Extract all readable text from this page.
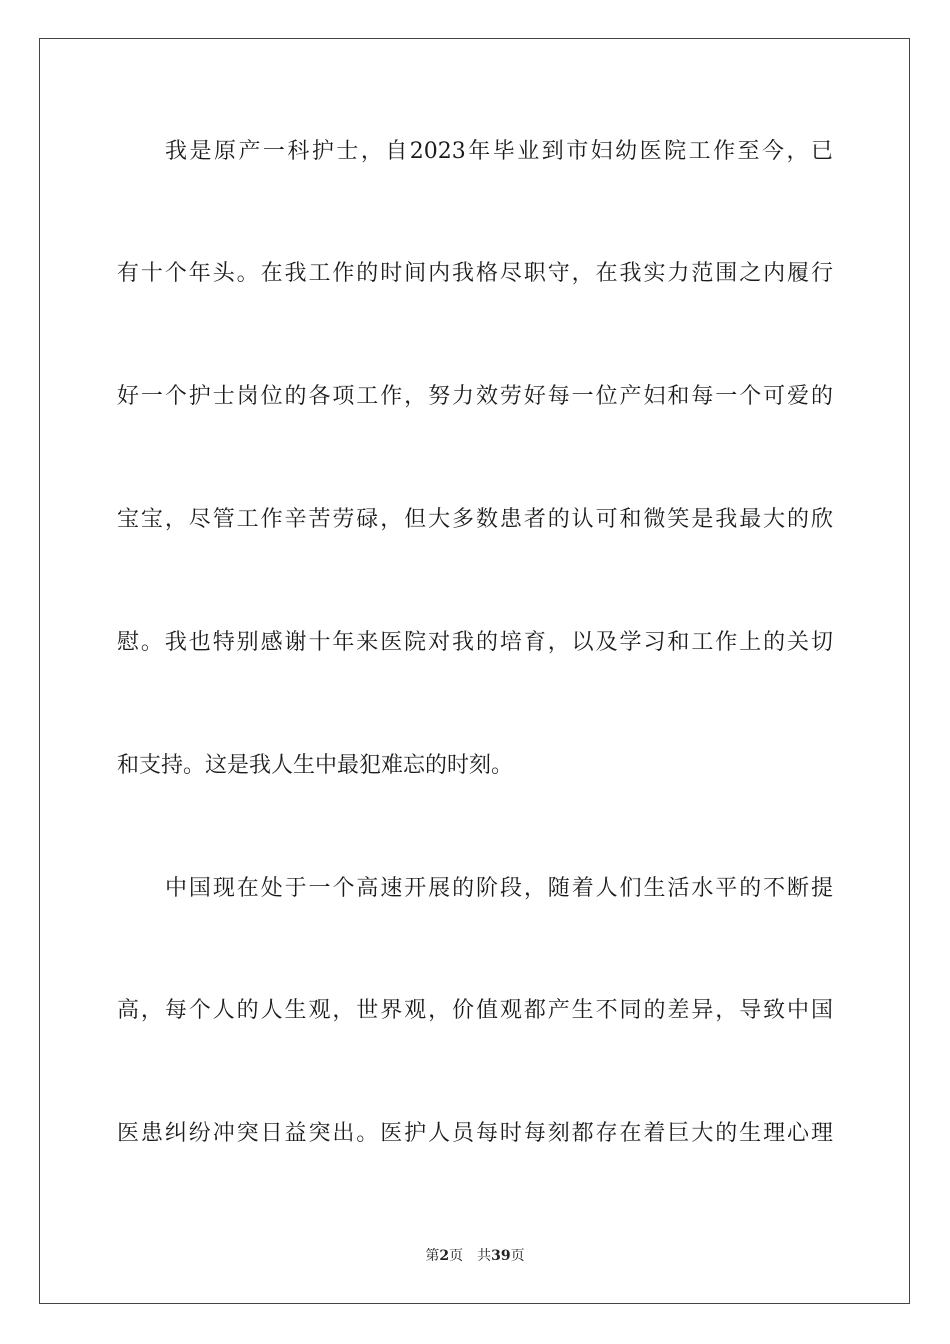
我是原产一科护士，自2023年毕业到市妇幼医院工作至今，已
有十个年头。在我工作的时间内我格尽职守，在我实力范围之内履行
好一个护士岗位的各项工作，努力效劳好每一位产妇和每一个可爱的
宝宝，尽管工作辛苦劳碌，但大多数患者的认可和微笑是我最大的欣
慰。我也特别感谢十年来医院对我的培育，以及学习和工作上的关切
和支持。这是我人生中最犯难忘的时刻。
中国现在处于一个高速开展的阶段，随着人们生活水平的不断提
高，每个人的人生观，世界观，价值观都产生不同的差异，导致中国
医患纠纷冲突日益突出。医护人员每时每刻都存在着巨大的生理心理
第2页 共39页
